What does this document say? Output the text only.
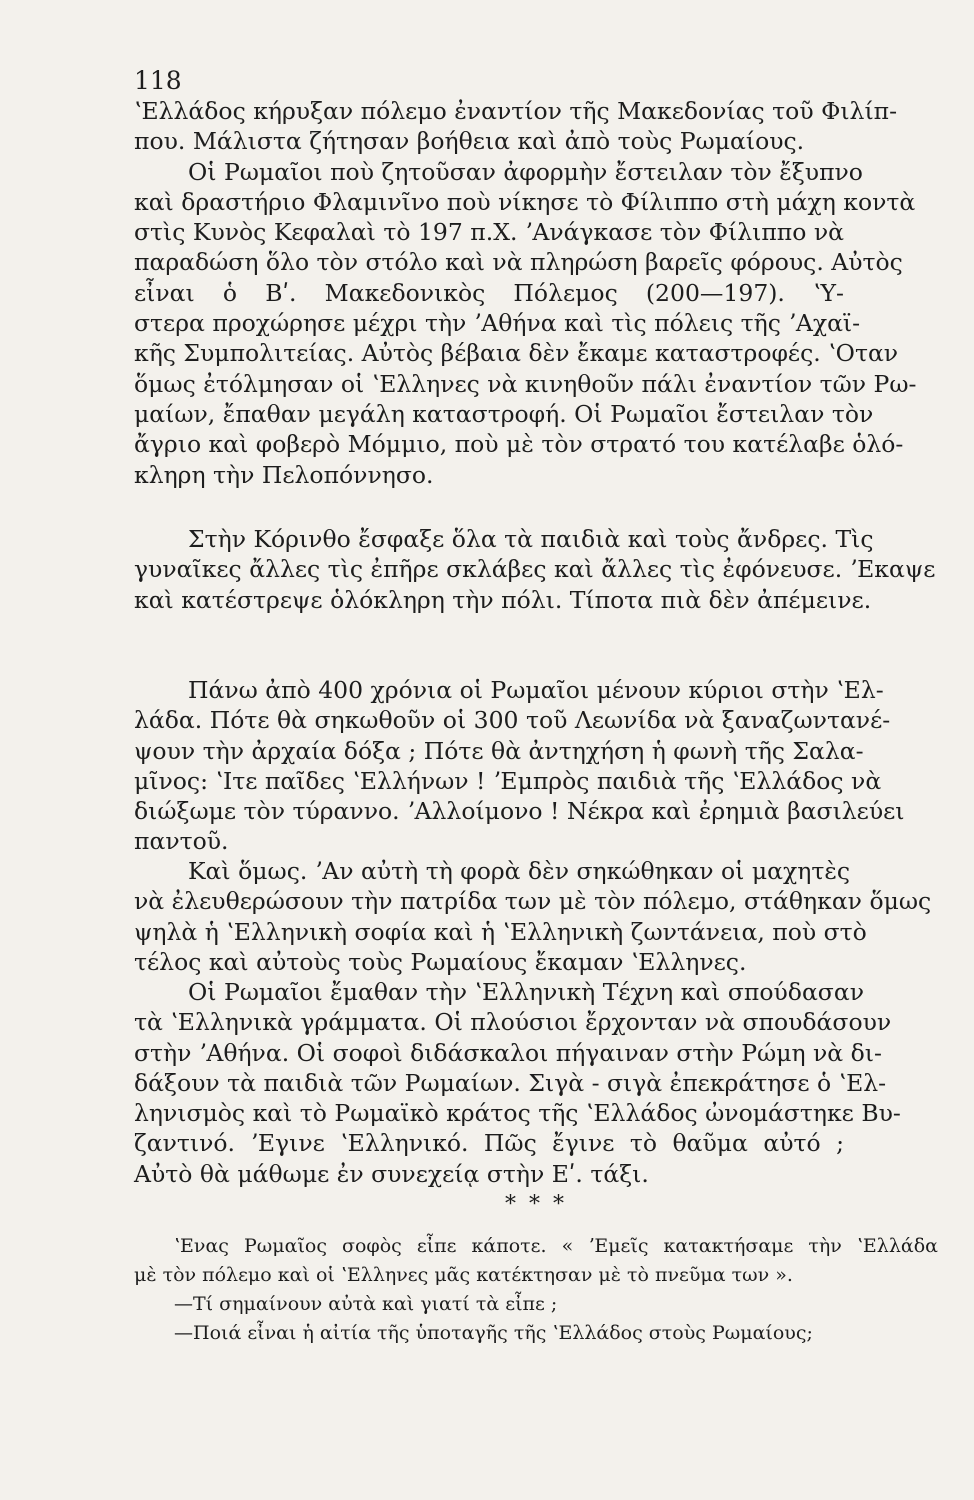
118
ʽΕλλάδος κήρυξαν πόλεμο ἐναντίον τῆς Μακεδονίας τοῦ Φιλίπ-
που. Μάλιστα ζήτησαν βοήθεια καὶ ἀπὸ τοὺς Ρωμαίους.
Οἱ Ρωμαῖοι ποὺ ζητοῦσαν ἀφορμὴν ἔστειλαν τὸν ἔξυπνο
καὶ δραστήριο Φλαμινῖνο ποὺ νίκησε τὸ Φίλιππο στὴ μάχη κοντὰ
στὶς Κυνὸς Κεφαλαὶ τὸ 197 π.Χ. ʼΑνάγκασε τὸν Φίλιππο νὰ
παραδώση ὅλο τὸν στόλο καὶ νὰ πληρώση βαρεῖς φόρους. Αὐτὸς
εἶναι ὁ Βʹ. Μακεδονικὸς Πόλεμος (200—197). ʽΥ-
στερα προχώρησε μέχρι τὴν ʼΑθήνα καὶ τὶς πόλεις τῆς ʼΑχαϊ-
κῆς Συμπολιτείας. Αὐτὸς βέβαια δὲν ἔκαμε καταστροφές. ʽΟταν
ὅμως ἐτόλμησαν οἱ ʽΕλληνες νὰ κινηθοῦν πάλι ἐναντίον τῶν Ρω-
μαίων, ἔπαθαν μεγάλη καταστροφή. Οἱ Ρωμαῖοι ἔστειλαν τὸν
ἄγριο καὶ φοβερὸ Μόμμιο, ποὺ μὲ τὸν στρατό του κατέλαβε ὁλό-
κληρη τὴν Πελοπόννησο.
Στὴν Κόρινθο ἔσφαξε ὅλα τὰ παιδιὰ καὶ τοὺς ἄνδρες. Τὶς
γυναῖκες ἄλλες τὶς ἐπῆρε σκλάβες καὶ ἄλλες τὶς ἐφόνευσε. ʼΕκαψε
καὶ κατέστρεψε ὁλόκληρη τὴν πόλι. Τίποτα πιὰ δὲν ἀπέμεινε.
Πάνω ἀπὸ 400 χρόνια οἱ Ρωμαῖοι μένουν κύριοι στὴν ʽΕλ-
λάδα. Πότε θὰ σηκωθοῦν οἱ 300 τοῦ Λεωνίδα νὰ ξαναζωντανέ-
ψουν τὴν ἀρχαία δόξα ; Πότε θὰ ἀντηχήση ἡ φωνὴ τῆς Σαλα-
μῖνος: ʽΙτε παῖδες ʽΕλλήνων ! ʼΕμπρὸς παιδιὰ τῆς ʽΕλλάδος νὰ
διώξωμε τὸν τύραννο. ʼΑλλοίμονο ! Νέκρα καὶ ἐρημιὰ βασιλεύει
παντοῦ.
Καὶ ὅμως. ʼΑν αὐτὴ τὴ φορὰ δὲν σηκώθηκαν οἱ μαχητὲς
νὰ ἐλευθερώσουν τὴν πατρίδα των μὲ τὸν πόλεμο, στάθηκαν ὅμως
ψηλὰ ἡ ʽΕλληνικὴ σοφία καὶ ἡ ʽΕλληνικὴ ζωντάνεια, ποὺ στὸ
τέλος καὶ αὐτοὺς τοὺς Ρωμαίους ἔκαμαν ʽΕλληνες.
Οἱ Ρωμαῖοι ἔμαθαν τὴν ʽΕλληνικὴ Τέχνη καὶ σπούδασαν
τὰ ʽΕλληνικὰ γράμματα. Οἱ πλούσιοι ἔρχονταν νὰ σπουδάσουν
στὴν ʼΑθήνα. Οἱ σοφοὶ διδάσκαλοι πήγαιναν στὴν Ρώμη νὰ δι-
δάξουν τὰ παιδιὰ τῶν Ρωμαίων. Σιγὰ - σιγὰ ἐπεκράτησε ὁ ʽΕλ-
ληνισμὸς καὶ τὸ Ρωμαϊκὸ κράτος τῆς ʽΕλλάδος ὠνομάστηκε Βυ-
ζαντινό. ʼΕγινε ʽΕλληνικό. Πῶς ἔγινε τὸ θαῦμα αὐτό ;
Αὐτὸ θὰ μάθωμε ἐν συνεχείᾳ στὴν Εʹ. τάξι.
* * *
ʽΕνας Ρωμαῖος σοφὸς εἶπε κάποτε. « ʼΕμεῖς κατακτήσαμε τὴν ʽΕλλάδα
μὲ τὸν πόλεμο καὶ οἱ ʽΕλληνες μᾶς κατέκτησαν μὲ τὸ πνεῦμα των ».
—Τί σημαίνουν αὐτὰ καὶ γιατί τὰ εἶπε ;
—Ποιά εἶναι ἡ αἰτία τῆς ὑποταγῆς τῆς ʽΕλλάδος στοὺς Ρωμαίους;
